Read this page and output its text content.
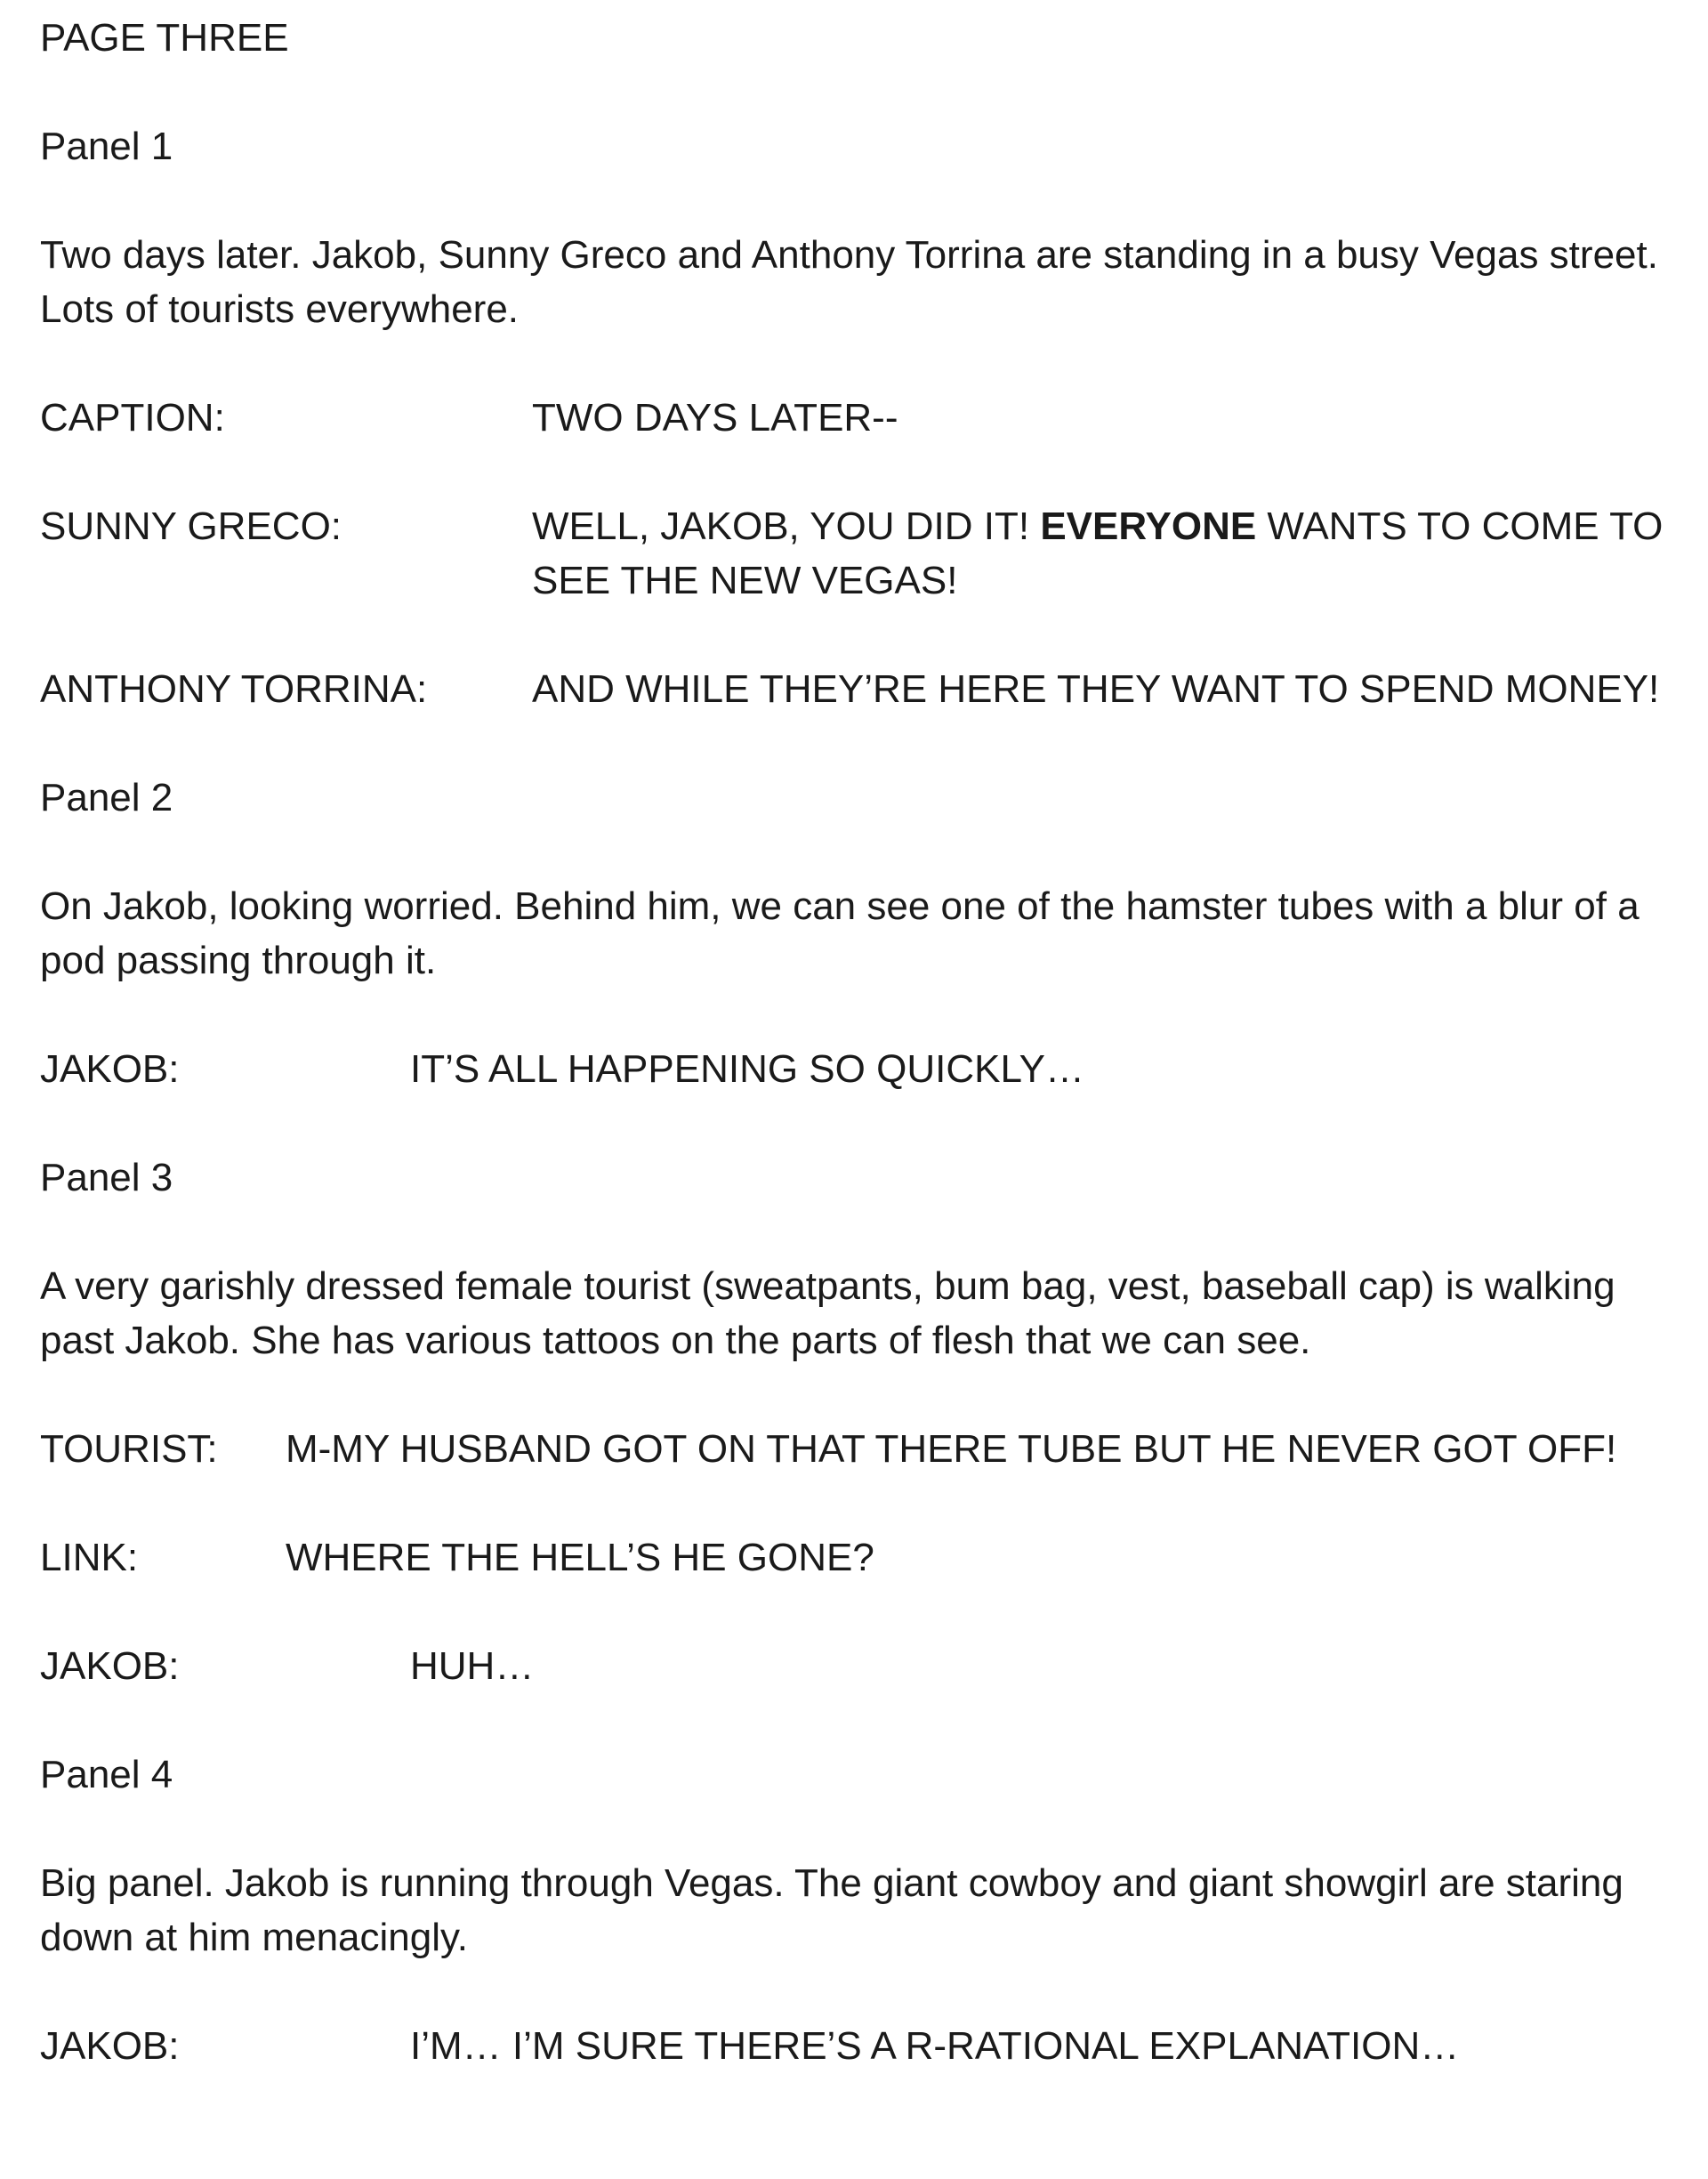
PAGE THREE

Panel 1

Two days later. Jakob, Sunny Greco and Anthony Torrina are standing in a busy Vegas street. Lots of tourists everywhere.

CAPTION:	TWO DAYS LATER--
SUNNY GRECO:	WELL, JAKOB, YOU DID IT! EVERYONE WANTS TO COME TO SEE THE NEW VEGAS!
ANTHONY TORRINA:	AND WHILE THEY’RE HERE THEY WANT TO SPEND MONEY!

Panel 2

On Jakob, looking worried. Behind him, we can see one of the hamster tubes with a blur of a pod passing through it.

JAKOB:	IT’S ALL HAPPENING SO QUICKLY…

Panel 3

A very garishly dressed female tourist (sweatpants, bum bag, vest, baseball cap) is walking past Jakob. She has various tattoos on the parts of flesh that we can see.

TOURIST: M-MY HUSBAND GOT ON THAT THERE TUBE BUT HE NEVER GOT OFF!
LINK:	WHERE THE HELL’S HE GONE?
JAKOB:	HUH…

Panel 4

Big panel. Jakob is running through Vegas. The giant cowboy and giant showgirl are staring down at him menacingly.

JAKOB:	I’M… I’M SURE THERE’S A R-RATIONAL EXPLANATION…
